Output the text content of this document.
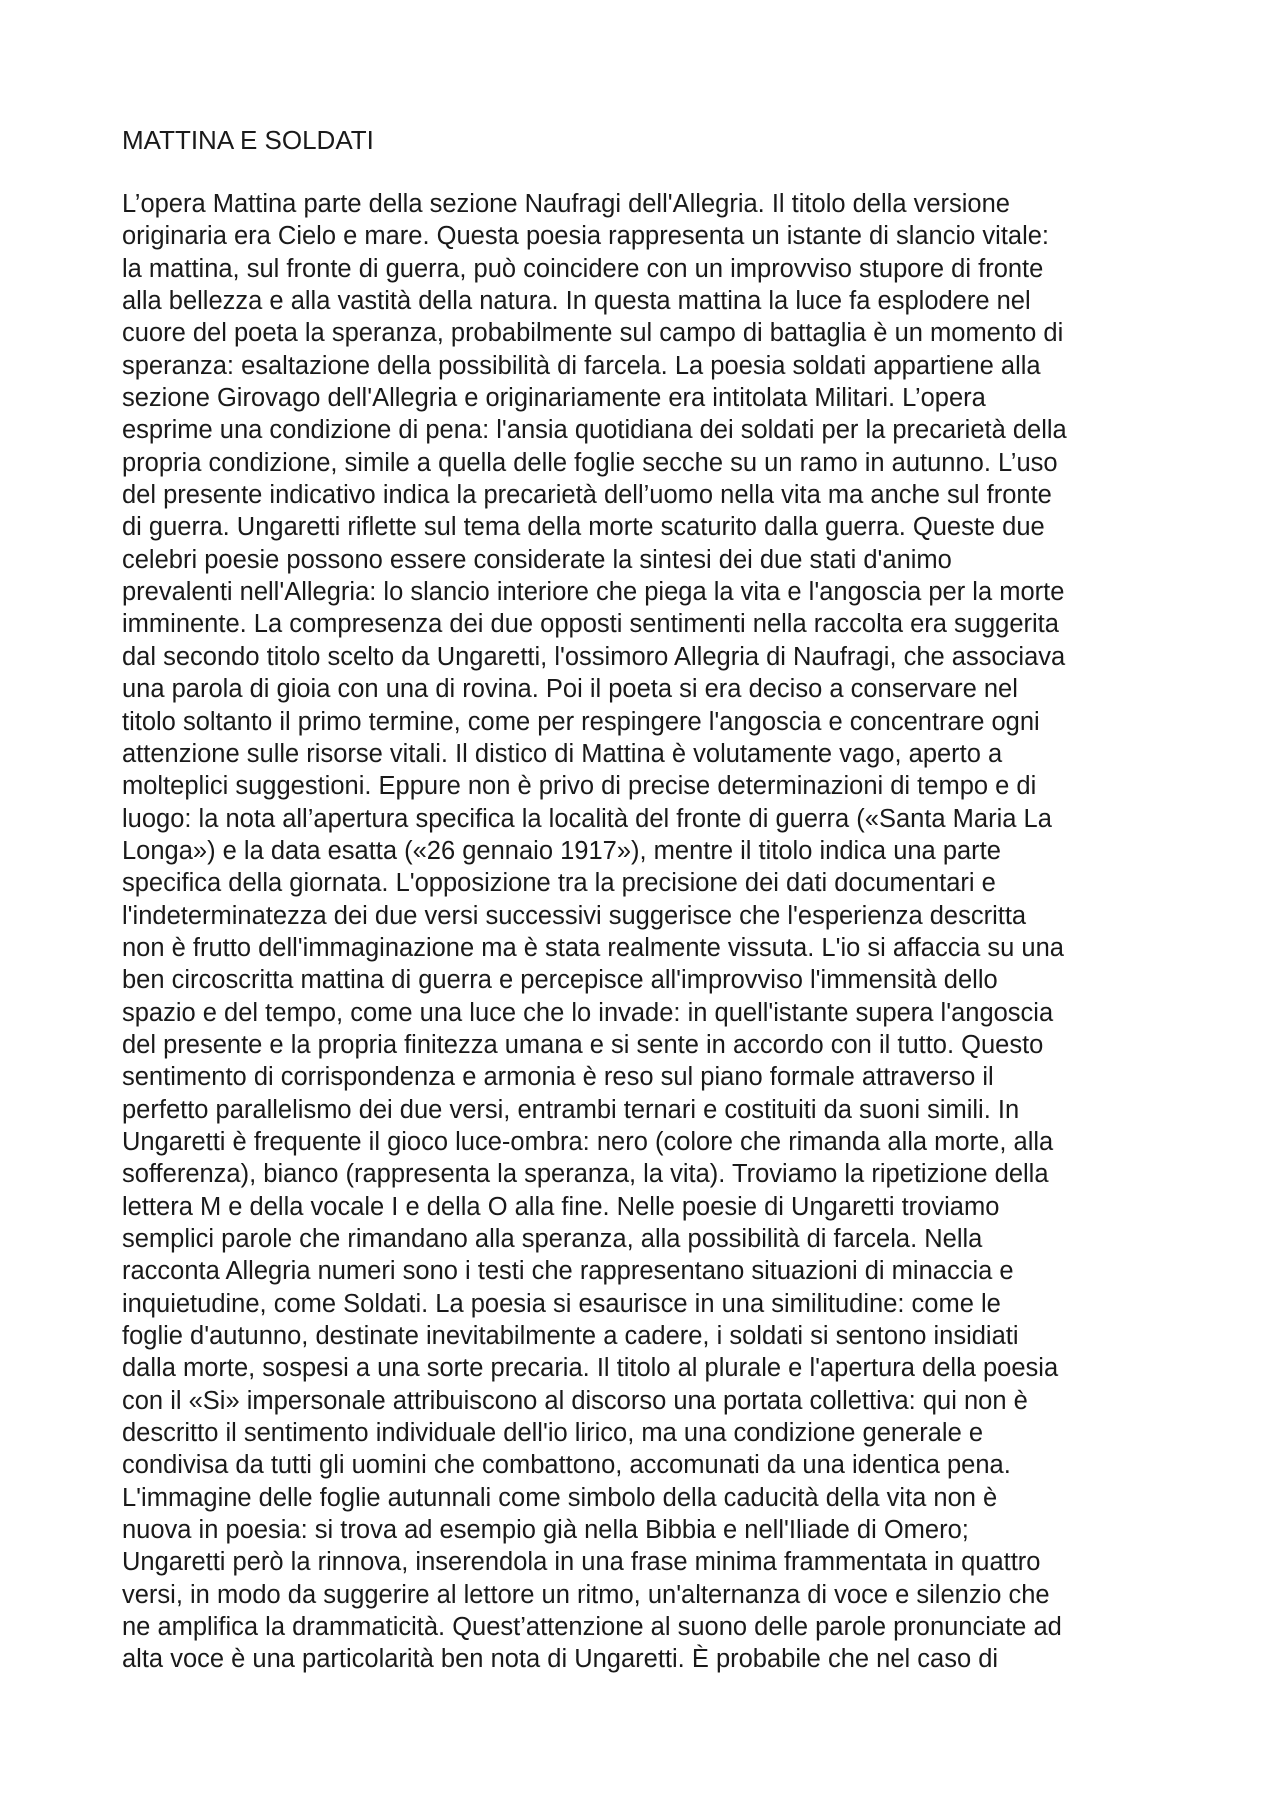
MATTINA E SOLDATI
L’opera Mattina parte della sezione Naufragi dell'Allegria. Il titolo della versione
originaria era Cielo e mare. Questa poesia rappresenta un istante di slancio vitale:
la mattina, sul fronte di guerra, può coincidere con un improvviso stupore di fronte
alla bellezza e alla vastità della natura. In questa mattina la luce fa esplodere nel
cuore del poeta la speranza, probabilmente sul campo di battaglia è un momento di
speranza: esaltazione della possibilità di farcela. La poesia soldati appartiene alla
sezione Girovago dell'Allegria e originariamente era intitolata Militari. L’opera
esprime una condizione di pena: l'ansia quotidiana dei soldati per la precarietà della
propria condizione, simile a quella delle foglie secche su un ramo in autunno. L’uso
del presente indicativo indica la precarietà dell’uomo nella vita ma anche sul fronte
di guerra. Ungaretti riflette sul tema della morte scaturito dalla guerra. Queste due
celebri poesie possono essere considerate la sintesi dei due stati d'animo
prevalenti nell'Allegria: lo slancio interiore che piega la vita e l'angoscia per la morte
imminente. La compresenza dei due opposti sentimenti nella raccolta era suggerita
dal secondo titolo scelto da Ungaretti, l'ossimoro Allegria di Naufragi, che associava
una parola di gioia con una di rovina. Poi il poeta si era deciso a conservare nel
titolo soltanto il primo termine, come per respingere l'angoscia e concentrare ogni
attenzione sulle risorse vitali. Il distico di Mattina è volutamente vago, aperto a
molteplici suggestioni. Eppure non è privo di precise determinazioni di tempo e di
luogo: la nota all’apertura specifica la località del fronte di guerra («Santa Maria La
Longa») e la data esatta («26 gennaio 1917»), mentre il titolo indica una parte
specifica della giornata. L'opposizione tra la precisione dei dati documentari e
l'indeterminatezza dei due versi successivi suggerisce che l'esperienza descritta
non è frutto dell'immaginazione ma è stata realmente vissuta. L'io si affaccia su una
ben circoscritta mattina di guerra e percepisce all'improvviso l'immensità dello
spazio e del tempo, come una luce che lo invade: in quell'istante supera l'angoscia
del presente e la propria finitezza umana e si sente in accordo con il tutto. Questo
sentimento di corrispondenza e armonia è reso sul piano formale attraverso il
perfetto parallelismo dei due versi, entrambi ternari e costituiti da suoni simili. In
Ungaretti è frequente il gioco luce-ombra: nero (colore che rimanda alla morte, alla
sofferenza), bianco (rappresenta la speranza, la vita). Troviamo la ripetizione della
lettera M e della vocale I e della O alla fine. Nelle poesie di Ungaretti troviamo
semplici parole che rimandano alla speranza, alla possibilità di farcela. Nella
racconta Allegria numeri sono i testi che rappresentano situazioni di minaccia e
inquietudine, come Soldati. La poesia si esaurisce in una similitudine: come le
foglie d'autunno, destinate inevitabilmente a cadere, i soldati si sentono insidiati
dalla morte, sospesi a una sorte precaria. Il titolo al plurale e l'apertura della poesia
con il «Si» impersonale attribuiscono al discorso una portata collettiva: qui non è
descritto il sentimento individuale dell'io lirico, ma una condizione generale e
condivisa da tutti gli uomini che combattono, accomunati da una identica pena.
L'immagine delle foglie autunnali come simbolo della caducità della vita non è
nuova in poesia: si trova ad esempio già nella Bibbia e nell'Iliade di Omero;
Ungaretti però la rinnova, inserendola in una frase minima frammentata in quattro
versi, in modo da suggerire al lettore un ritmo, un'alternanza di voce e silenzio che
ne amplifica la drammaticità. Quest’attenzione al suono delle parole pronunciate ad
alta voce è una particolarità ben nota di Ungaretti. È probabile che nel caso di
